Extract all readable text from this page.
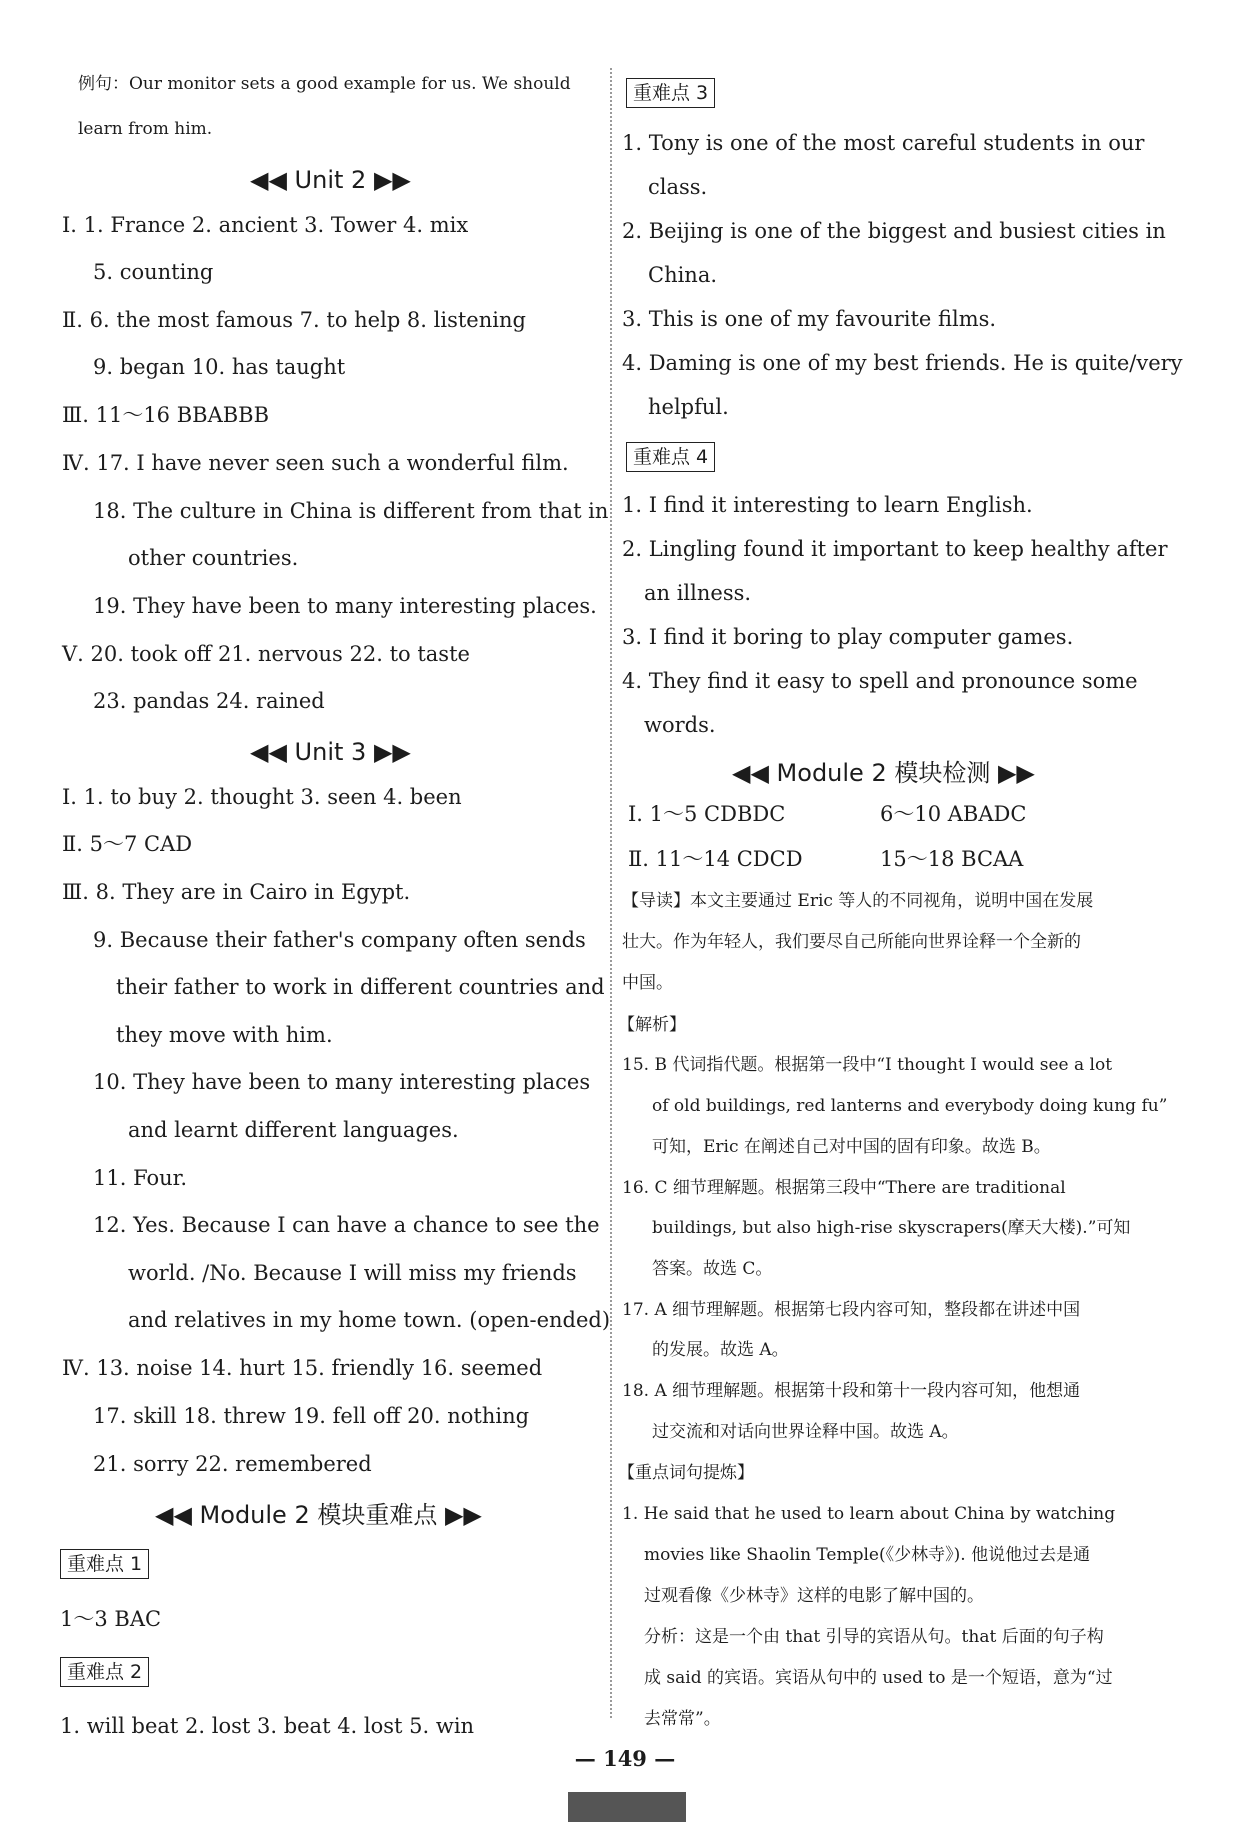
例句：Our monitor sets a good example for us. We should
learn from him.
◀◀ Unit 2 ▶▶
Ⅰ. 1. France 2. ancient 3. Tower 4. mix
5. counting
Ⅱ. 6. the most famous 7. to help 8. listening
9. began 10. has taught
Ⅲ. 11～16 BBABBB
Ⅳ. 17. I have never seen such a wonderful film.
18. The culture in China is different from that in
other countries.
19. They have been to many interesting places.
Ⅴ. 20. took off 21. nervous 22. to taste
23. pandas 24. rained
◀◀ Unit 3 ▶▶
Ⅰ. 1. to buy 2. thought 3. seen 4. been
Ⅱ. 5～7 CAD
Ⅲ. 8. They are in Cairo in Egypt.
9. Because their father's company often sends
their father to work in different countries and
they move with him.
10. They have been to many interesting places
and learnt different languages.
11. Four.
12. Yes. Because I can have a chance to see the
world. /No. Because I will miss my friends
and relatives in my home town. (open-ended)
Ⅳ. 13. noise 14. hurt 15. friendly 16. seemed
17. skill 18. threw 19. fell off 20. nothing
21. sorry 22. remembered
◀◀ Module 2 模块重难点 ▶▶
重难点 1
1～3 BAC
重难点 2
1. will beat 2. lost 3. beat 4. lost 5. win
重难点 3
1. Tony is one of the most careful students in our
class.
2. Beijing is one of the biggest and busiest cities in
China.
3. This is one of my favourite films.
4. Daming is one of my best friends. He is quite/very
helpful.
重难点 4
1. I find it interesting to learn English.
2. Lingling found it important to keep healthy after
an illness.
3. I find it boring to play computer games.
4. They find it easy to spell and pronounce some
words.
◀◀ Module 2 模块检测 ▶▶
Ⅰ. 1～5 CDBDC	6～10 ABADC
Ⅱ. 11～14 CDCD	15～18 BCAA
【导读】本文主要通过 Eric 等人的不同视角，说明中国在发展
壮大。作为年轻人，我们要尽自己所能向世界诠释一个全新的
中国。
【解析】
15. B 代词指代题。根据第一段中“I thought I would see a lot
of old buildings, red lanterns and everybody doing kung fu”
可知，Eric 在阐述自己对中国的固有印象。故选 B。
16. C 细节理解题。根据第三段中“There are traditional
buildings, but also high-rise skyscrapers(摩天大楼).”可知
答案。故选 C。
17. A 细节理解题。根据第七段内容可知，整段都在讲述中国
的发展。故选 A。
18. A 细节理解题。根据第十段和第十一段内容可知，他想通
过交流和对话向世界诠释中国。故选 A。
【重点词句提炼】
1. He said that he used to learn about China by watching
movies like Shaolin Temple(《少林寺》). 他说他过去是通
过观看像《少林寺》这样的电影了解中国的。
分析：这是一个由 that 引导的宾语从句。that 后面的句子构
成 said 的宾语。宾语从句中的 used to 是一个短语，意为“过
去常常”。
— 149 —
